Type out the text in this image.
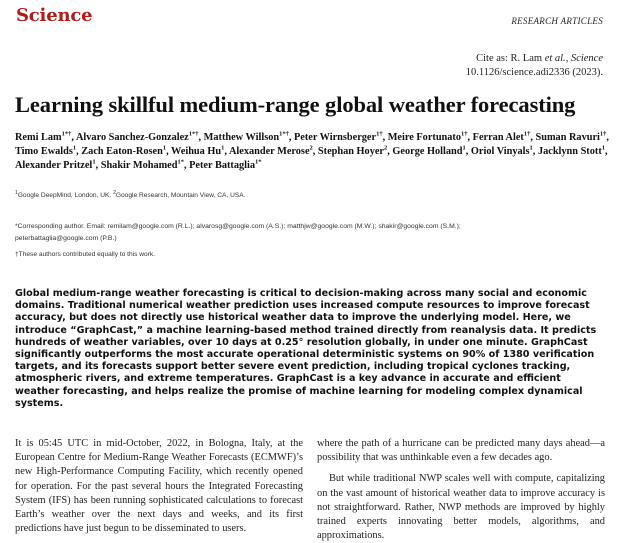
Science	RESEARCH ARTICLES
Cite as: R. Lam et al., Science
10.1126/science.adi2336 (2023).
Learning skillful medium-range global weather forecasting
Remi Lam$^{1*\dagger}$, Alvaro Sanchez-Gonzalez$^{1*\dagger}$, Matthew Willson$^{1*\dagger}$, Peter Wirnsberger$^{1\dagger}$, Meire Fortunato$^{1\dagger}$, Ferran Alet$^{1\dagger}$, Suman Ravuri$^{1\dagger}$, Timo Ewalds$^1$, Zach Eaton-Rosen$^1$, Weihua Hu$^1$, Alexander Merose$^2$, Stephan Hoyer$^2$, George Holland$^1$, Oriol Vinyals$^1$, Jacklynn Stott$^1$, Alexander Pritzel$^1$, Shakir Mohamed$^{1*}$, Peter Battaglia$^{1*}$
$^1$Google DeepMind, London, UK. $^2$Google Research, Mountain View, CA, USA.
*Corresponding author. Email: remilam@google.com (R.L.); alvarosg@google.com (A.S.); matthjw@google.com (M.W.); shakir@google.com (S.M.);
peterbattaglia@google.com (P.B.)
†These authors contributed equally to this work.
Global medium-range weather forecasting is critical to decision-making across many social and economic domains. Traditional numerical weather prediction uses increased compute resources to improve forecast accuracy, but does not directly use historical weather data to improve the underlying model. Here, we introduce “GraphCast,” a machine learning-based method trained directly from reanalysis data. It predicts hundreds of weather variables, over 10 days at 0.25° resolution globally, in under one minute. GraphCast significantly outperforms the most accurate operational deterministic systems on 90% of 1380 verification targets, and its forecasts support better severe event prediction, including tropical cyclones tracking, atmospheric rivers, and extreme temperatures. GraphCast is a key advance in accurate and efficient weather forecasting, and helps realize the promise of machine learning for modeling complex dynamical systems.

It is 05:45 UTC in mid-October, 2022, in Bologna, Italy, at the European Centre for Medium-Range Weather Forecasts (ECMWF)’s new High-Performance Computing Facility, which recently opened for operation. For the past several hours the Integrated Forecasting System (IFS) has been running sophisticated calculations to forecast Earth’s weather over the next days and weeks, and its first predictions have just begun to be disseminated to users.

where the path of a hurricane can be predicted many days ahead—a possibility that was unthinkable even a few decades ago.

But while traditional NWP scales well with compute, capitalizing on the vast amount of historical weather data to improve accuracy is not straightforward. Rather, NWP methods are improved by highly trained experts innovating better models, algorithms, and approximations.
